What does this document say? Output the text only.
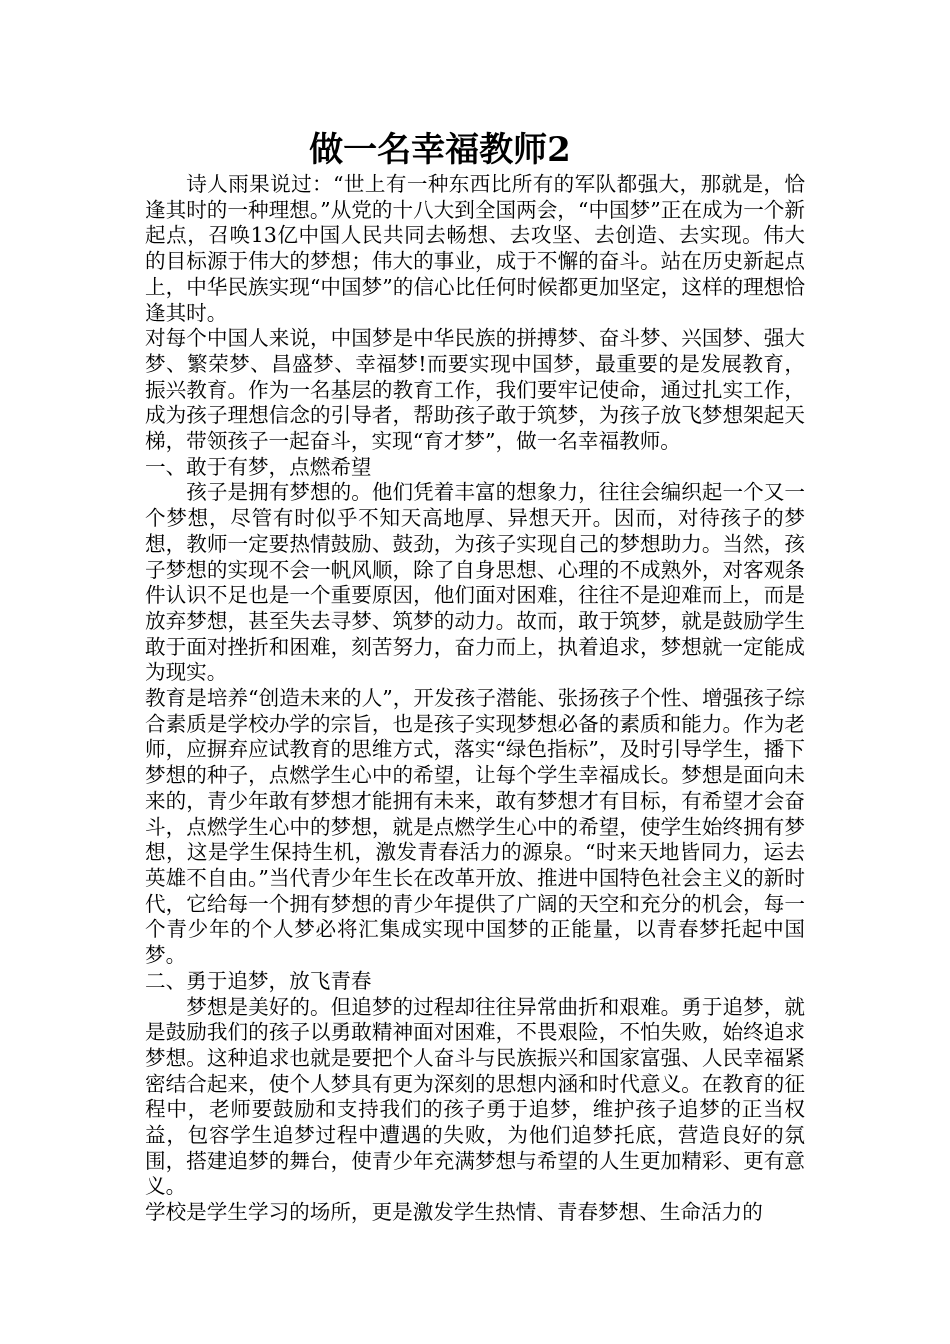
做一名幸福教师2

诗人雨果说过：“世上有一种东西比所有的军队都强大，那就是，恰逢其时的一种理想。”从党的十八大到全国两会，“中国梦”正在成为一个新起点，召唤13亿中国人民共同去畅想、去攻坚、去创造、去实现。伟大的目标源于伟大的梦想；伟大的事业，成于不懈的奋斗。站在历史新起点上，中华民族实现“中国梦”的信心比任何时候都更加坚定，这样的理想恰逢其时。

对每个中国人来说，中国梦是中华民族的拼搏梦、奋斗梦、兴国梦、强大梦、繁荣梦、昌盛梦、幸福梦!而要实现中国梦，最重要的是发展教育，振兴教育。作为一名基层的教育工作，我们要牢记使命，通过扎实工作，成为孩子理想信念的引导者，帮助孩子敢于筑梦，为孩子放飞梦想架起天梯，带领孩子一起奋斗，实现“育才梦”，做一名幸福教师。

一、敢于有梦，点燃希望

孩子是拥有梦想的。他们凭着丰富的想象力，往往会编织起一个又一个梦想，尽管有时似乎不知天高地厚、异想天开。因而，对待孩子的梦想，教师一定要热情鼓励、鼓劲，为孩子实现自己的梦想助力。当然，孩子梦想的实现不会一帆风顺，除了自身思想、心理的不成熟外，对客观条件认识不足也是一个重要原因，他们面对困难，往往不是迎难而上，而是放弃梦想，甚至失去寻梦、筑梦的动力。故而，敢于筑梦，就是鼓励学生敢于面对挫折和困难，刻苦努力，奋力而上，执着追求，梦想就一定能成为现实。

教育是培养“创造未来的人”，开发孩子潜能、张扬孩子个性、增强孩子综合素质是学校办学的宗旨，也是孩子实现梦想必备的素质和能力。作为老师，应摒弃应试教育的思维方式，落实“绿色指标”，及时引导学生，播下梦想的种子，点燃学生心中的希望，让每个学生幸福成长。梦想是面向未来的，青少年敢有梦想才能拥有未来，敢有梦想才有目标，有希望才会奋斗，点燃学生心中的梦想，就是点燃学生心中的希望，使学生始终拥有梦想，这是学生保持生机，激发青春活力的源泉。“时来天地皆同力，运去英雄不自由。”当代青少年生长在改革开放、推进中国特色社会主义的新时代，它给每一个拥有梦想的青少年提供了广阔的天空和充分的机会，每一个青少年的个人梦必将汇集成实现中国梦的正能量，以青春梦托起中国梦。

二、勇于追梦，放飞青春

梦想是美好的。但追梦的过程却往往异常曲折和艰难。勇于追梦，就是鼓励我们的孩子以勇敢精神面对困难，不畏艰险，不怕失败，始终追求梦想。这种追求也就是要把个人奋斗与民族振兴和国家富强、人民幸福紧密结合起来，使个人梦具有更为深刻的思想内涵和时代意义。在教育的征程中，老师要鼓励和支持我们的孩子勇于追梦，维护孩子追梦的正当权益，包容学生追梦过程中遭遇的失败，为他们追梦托底，营造良好的氛围，搭建追梦的舞台，使青少年充满梦想与希望的人生更加精彩、更有意义。

学校是学生学习的场所，更是激发学生热情、青春梦想、生命活力的
